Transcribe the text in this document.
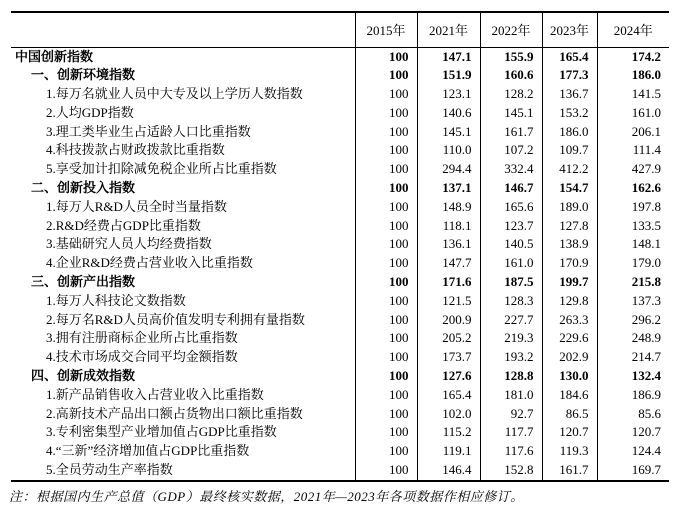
	2015年	2021年	2022年	2023年	2024年
中国创新指数	100	147.1	155.9	165.4	174.2
一、创新环境指数	100	151.9	160.6	177.3	186.0
1.每万名就业人员中大专及以上学历人数指数	100	123.1	128.2	136.7	141.5
2.人均GDP指数	100	140.6	145.1	153.2	161.0
3.理工类毕业生占适龄人口比重指数	100	145.1	161.7	186.0	206.1
4.科技拨款占财政拨款比重指数	100	110.0	107.2	109.7	111.4
5.享受加计扣除减免税企业所占比重指数	100	294.4	332.4	412.2	427.9
二、创新投入指数	100	137.1	146.7	154.7	162.6
1.每万人R&D人员全时当量指数	100	148.9	165.6	189.0	197.8
2.R&D经费占GDP比重指数	100	118.1	123.7	127.8	133.5
3.基础研究人员人均经费指数	100	136.1	140.5	138.9	148.1
4.企业R&D经费占营业收入比重指数	100	147.7	161.0	170.9	179.0
三、创新产出指数	100	171.6	187.5	199.7	215.8
1.每万人科技论文数指数	100	121.5	128.3	129.8	137.3
2.每万名R&D人员高价值发明专利拥有量指数	100	200.9	227.7	263.3	296.2
3.拥有注册商标企业所占比重指数	100	205.2	219.3	229.6	248.9
4.技术市场成交合同平均金额指数	100	173.7	193.2	202.9	214.7
四、创新成效指数	100	127.6	128.8	130.0	132.4
1.新产品销售收入占营业收入比重指数	100	165.4	181.0	184.6	186.9
2.高新技术产品出口额占货物出口额比重指数	100	102.0	92.7	86.5	85.6
3.专利密集型产业增加值占GDP比重指数	100	115.2	117.7	120.7	120.7
4.“三新”经济增加值占GDP比重指数	100	119.1	117.6	119.3	124.4
5.全员劳动生产率指数	100	146.4	152.8	161.7	169.7
注：根据国内生产总值（GDP）最终核实数据，2021年—2023年各项数据作相应修订。
